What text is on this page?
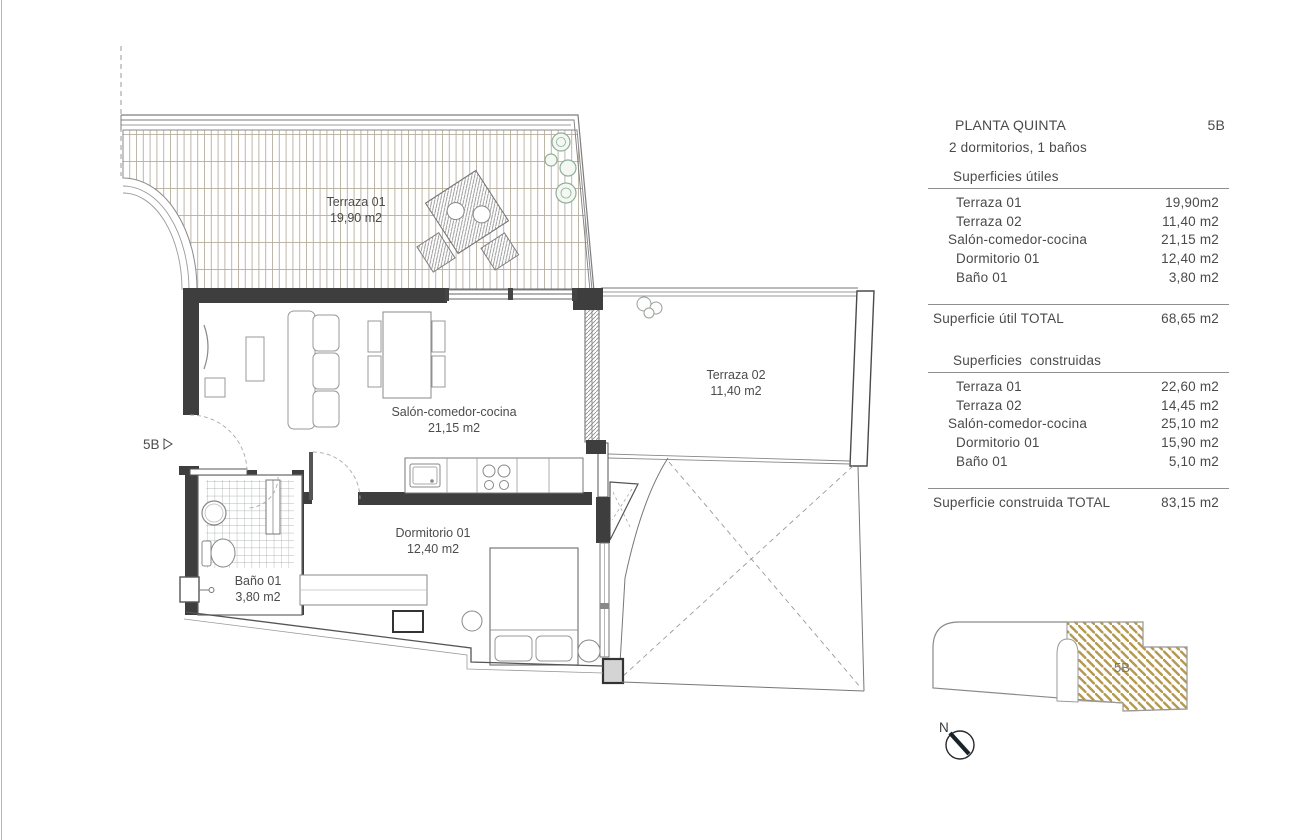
5B
Terraza 01
19,90 m2
Terraza 02
11,40 m2
Salón-comedor-cocina
21,15 m2
Dormitorio 01
12,40 m2
Baño 01
3,80 m2
5B
N
PLANTA QUINTA	5B
2 dormitorios, 1 baños
Superficies útiles
Terraza 01	19,90m2
Terraza 02	11,40 m2
Salón-comedor-cocina	21,15 m2
Dormitorio 01	12,40 m2
Baño 01	3,80 m2
Superficie útil TOTAL	68,65 m2
Superficies  construidas
Terraza 01	22,60 m2
Terraza 02	14,45 m2
Salón-comedor-cocina	25,10 m2
Dormitorio 01	15,90 m2
Baño 01	5,10 m2
Superficie construida TOTAL	83,15 m2
